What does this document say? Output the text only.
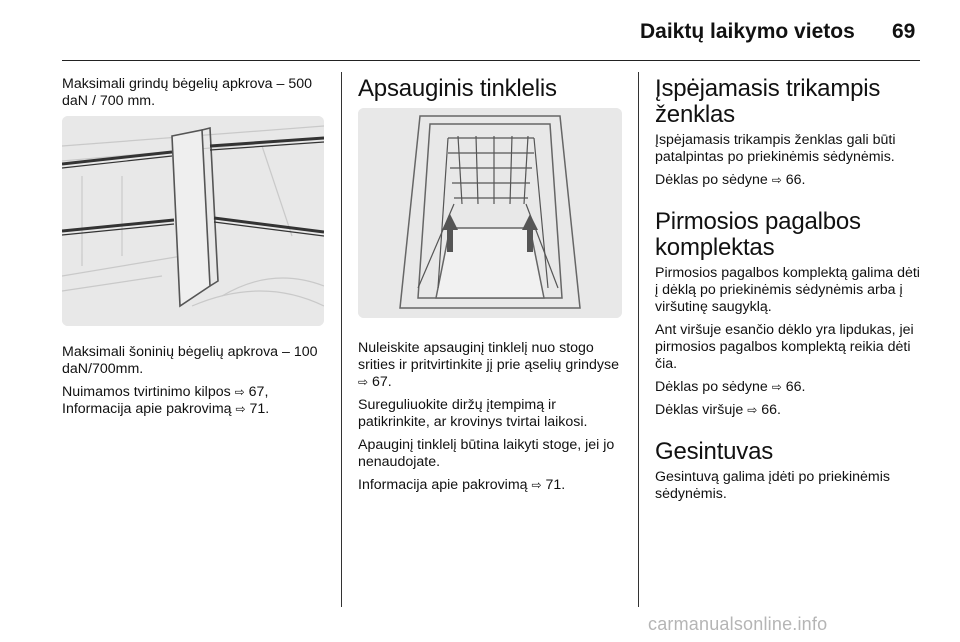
Daiktų laikymo vietos 69

Maksimali grindų bėgelių apkrova – 500 daN / 700 mm.

Maksimali šoninių bėgelių apkrova – 100 daN/700mm.

Nuimamos tvirtinimo kilpos ⇨ 67,
Informacija apie pakrovimą ⇨ 71.

Apsauginis tinklelis

Nuleiskite apsauginį tinklelį nuo stogo srities ir pritvirtinkite jį prie ąselių grindyse ⇨ 67.

Sureguliuokite diržų įtempimą ir patikrinkite, ar krovinys tvirtai laikosi.

Apauginį tinklelį būtina laikyti stoge, jei jo nenaudojate.

Informacija apie pakrovimą ⇨ 71.

Įspėjamasis trikampis ženklas

Įspėjamasis trikampis ženklas gali būti patalpintas po priekinėmis sėdynėmis.

Dėklas po sėdyne ⇨ 66.

Pirmosios pagalbos komplektas

Pirmosios pagalbos komplektą galima dėti į dėklą po priekinėmis sėdynėmis arba į viršutinę saugyklą.

Ant viršuje esančio dėklo yra lipdukas, jei pirmosios pagalbos komplektą reikia dėti čia.

Dėklas po sėdyne ⇨ 66.

Dėklas viršuje ⇨ 66.

Gesintuvas

Gesintuvą galima įdėti po priekinėmis sėdynėmis.

carmanualsonline.info
